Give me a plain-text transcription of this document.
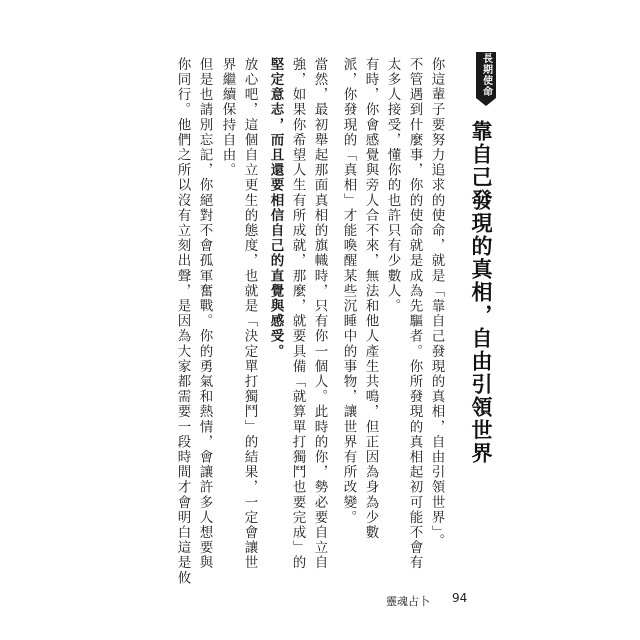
長期使命
靠自己發現的真相，自由引領世界
你這輩子要努力追求的使命，就是「靠自己發現的真相，自由引領世界」。
不管遇到什麼事，你的使命就是成為先驅者。你所發現的真相起初可能不會有
太多人接受，懂你的也許只有少數人。
有時，你會感覺與旁人合不來，無法和他人產生共鳴，但正因為身為少數
派，你發現的「真相」才能喚醒某些沉睡中的事物，讓世界有所改變。
當然，最初舉起那面真相的旗幟時，只有你一個人。此時的你，勢必要自立自
強，如果你希望人生有所成就，那麼，就要具備「就算單打獨鬥也要完成」的
堅定意志，而且還要相信自己的直覺與感受。
放心吧，這個自立更生的態度，也就是「決定單打獨鬥」的結果，一定會讓世
界繼續保持自由。
但是也請別忘記，你絕對不會孤軍奮戰。你的勇氣和熱情，會讓許多人想要與
你同行。他們之所以沒有立刻出聲，是因為大家都需要一段時間才會明白這是攸
靈魂占卜 94
